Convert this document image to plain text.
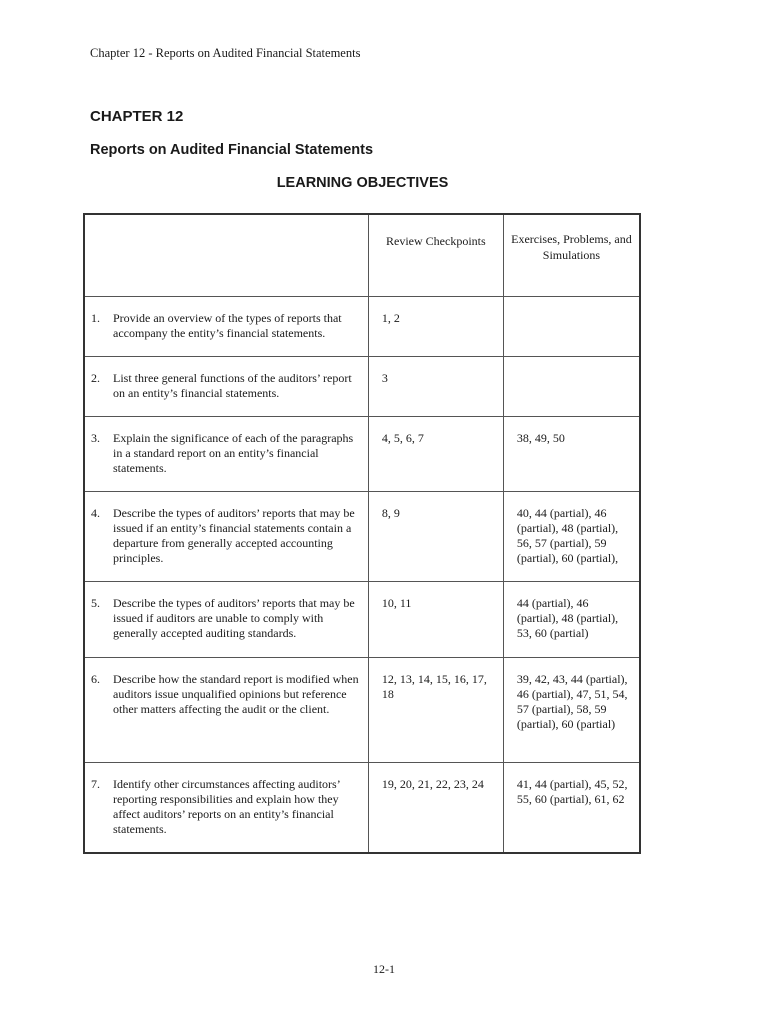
Chapter 12 - Reports on Audited Financial Statements
CHAPTER 12
Reports on Audited Financial Statements
LEARNING OBJECTIVES
	Review Checkpoints	Exercises, Problems, and Simulations

1. Provide an overview of the types of reports that accompany the entity’s financial statements.	1, 2	

2. List three general functions of the auditors’ report on an entity’s financial statements.	3	

3. Explain the significance of each of the paragraphs in a standard report on an entity’s financial statements.	4, 5, 6, 7	38, 49, 50

4. Describe the types of auditors’ reports that may be issued if an entity’s financial statements contain a departure from generally accepted accounting principles.	8, 9	40, 44 (partial), 46 (partial), 48 (partial), 56, 57 (partial), 59 (partial), 60 (partial),

5. Describe the types of auditors’ reports that may be issued if auditors are unable to comply with generally accepted auditing standards.	10, 11	44 (partial), 46 (partial), 48 (partial), 53, 60 (partial)

6. Describe how the standard report is modified when auditors issue unqualified opinions but reference other matters affecting the audit or the client.	12, 13, 14, 15, 16, 17, 18	39, 42, 43, 44 (partial), 46 (partial), 47, 51, 54, 57 (partial), 58, 59 (partial), 60 (partial)

7. Identify other circumstances affecting auditors’ reporting responsibilities and explain how they affect auditors’ reports on an entity’s financial statements.	19, 20, 21, 22, 23, 24	41, 44 (partial), 45, 52, 55, 60 (partial), 61, 62
12-1
